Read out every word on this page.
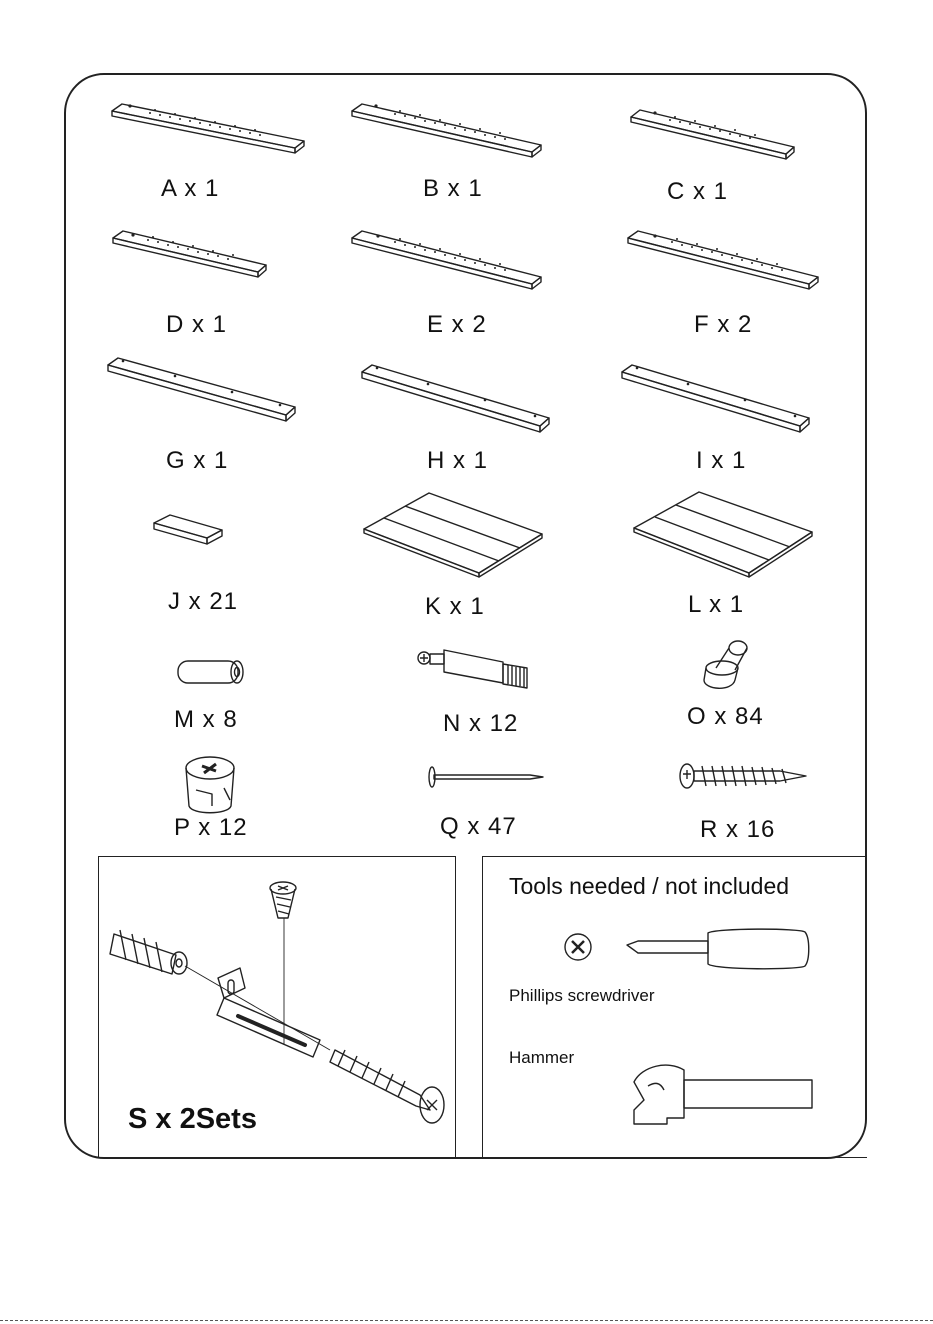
A x 1	B x 1	C x 1
D x 1	E x 2	F x 2
G x 1	H x 1	I x 1
J x 21	K x 1	L x 1
M x 8	N x 12	O x 84
P x 12	Q x 47	R x 16
S x 2Sets
Tools needed / not included
Phillips screwdriver
Hammer
